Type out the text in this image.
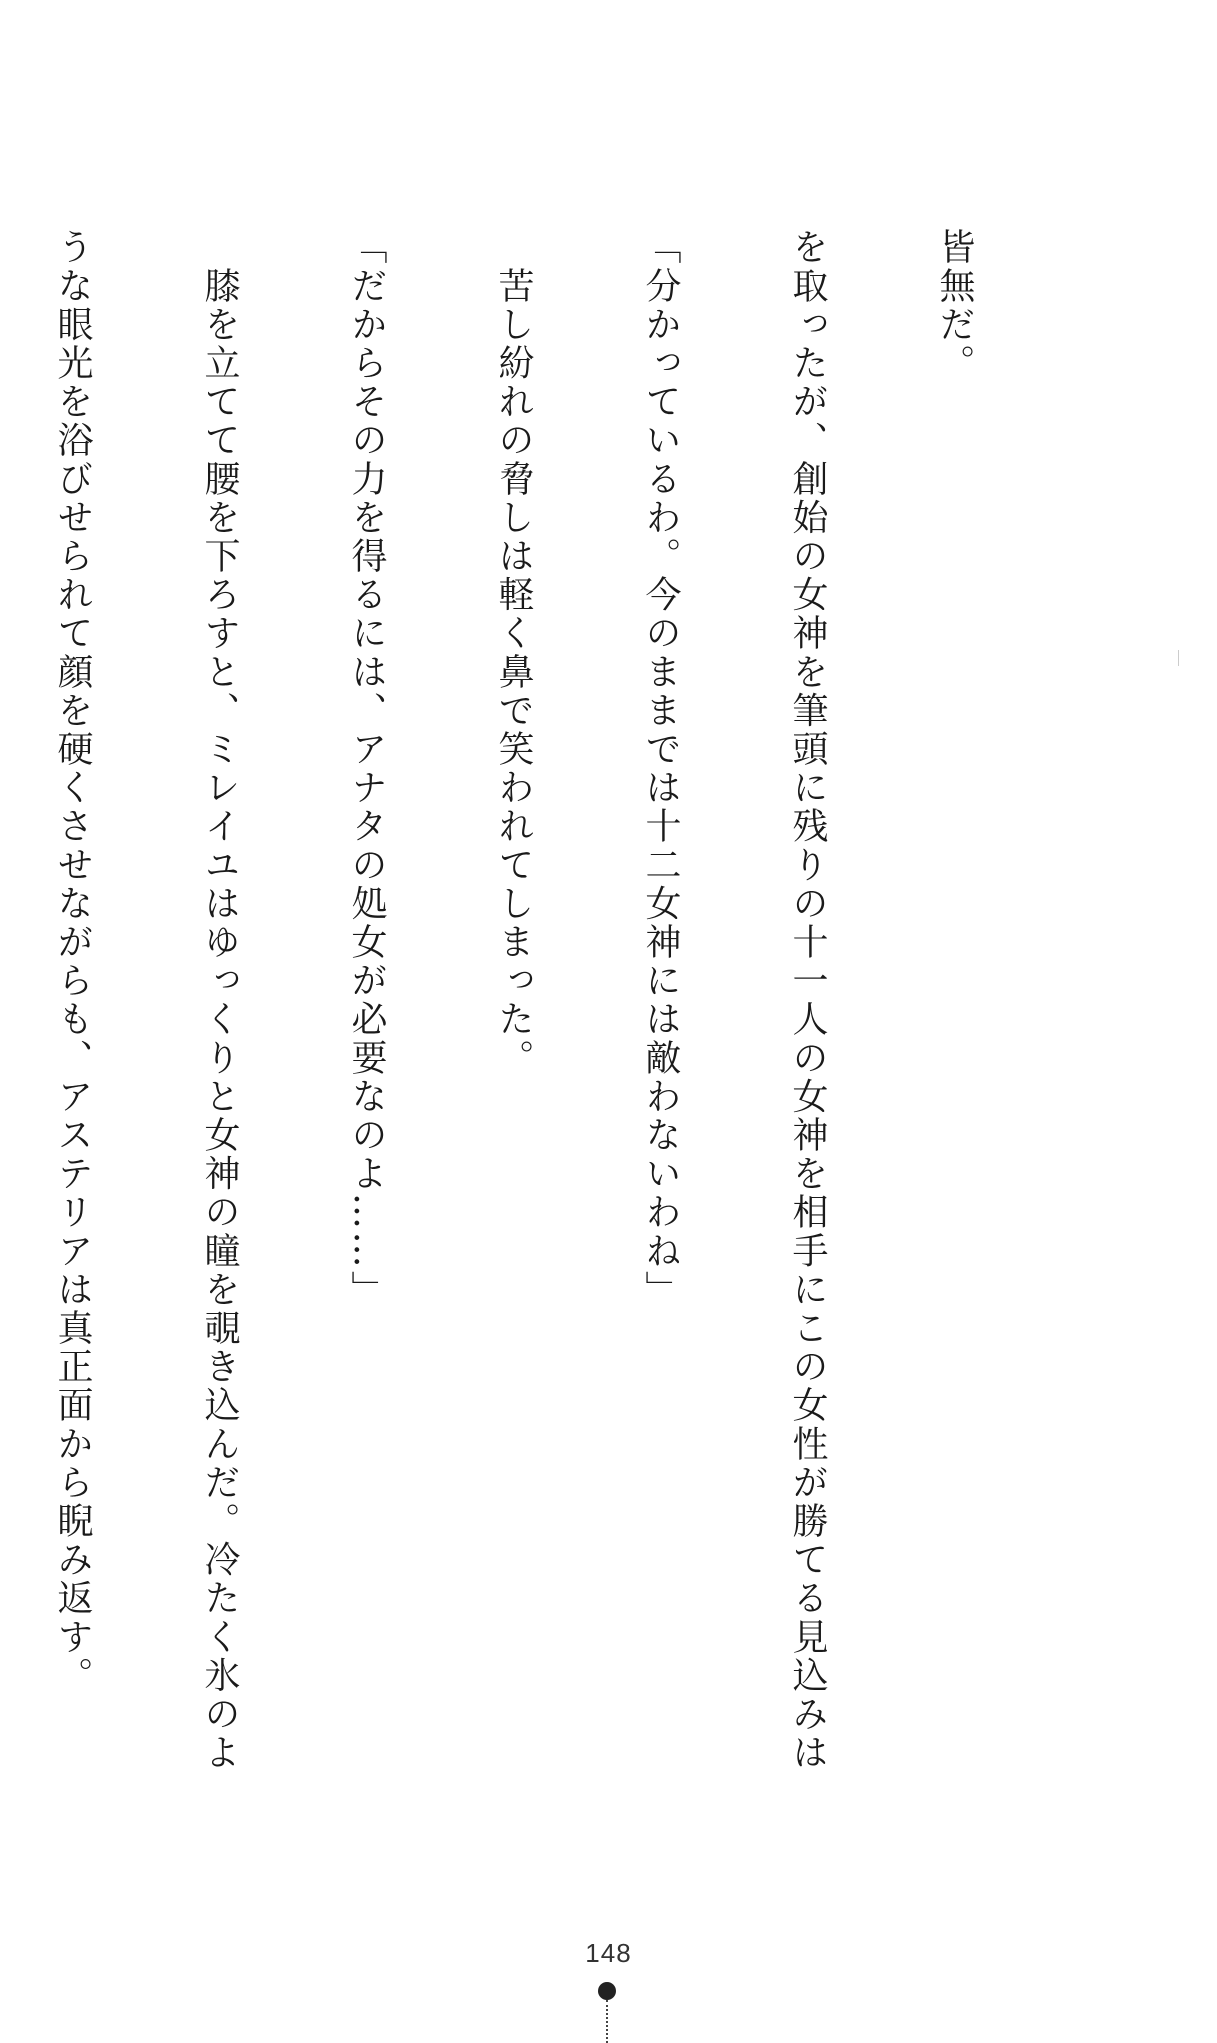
皆無だ。

を取ったが、創始の女神を筆頭に残りの十一人の女神を相手にこの女性が勝てる見込みは

「分かっているわ。今のままでは十二女神には敵わないわね」

　苦し紛れの脅しは軽く鼻で笑われてしまった。

「だからその力を得るには、アナタの処女が必要なのよ……」

　膝を立てて腰を下ろすと、ミレイユはゆっくりと女神の瞳を覗き込んだ。冷たく氷のよ

うな眼光を浴びせられて顔を硬くさせながらも、アステリアは真正面から睨み返す。

148
